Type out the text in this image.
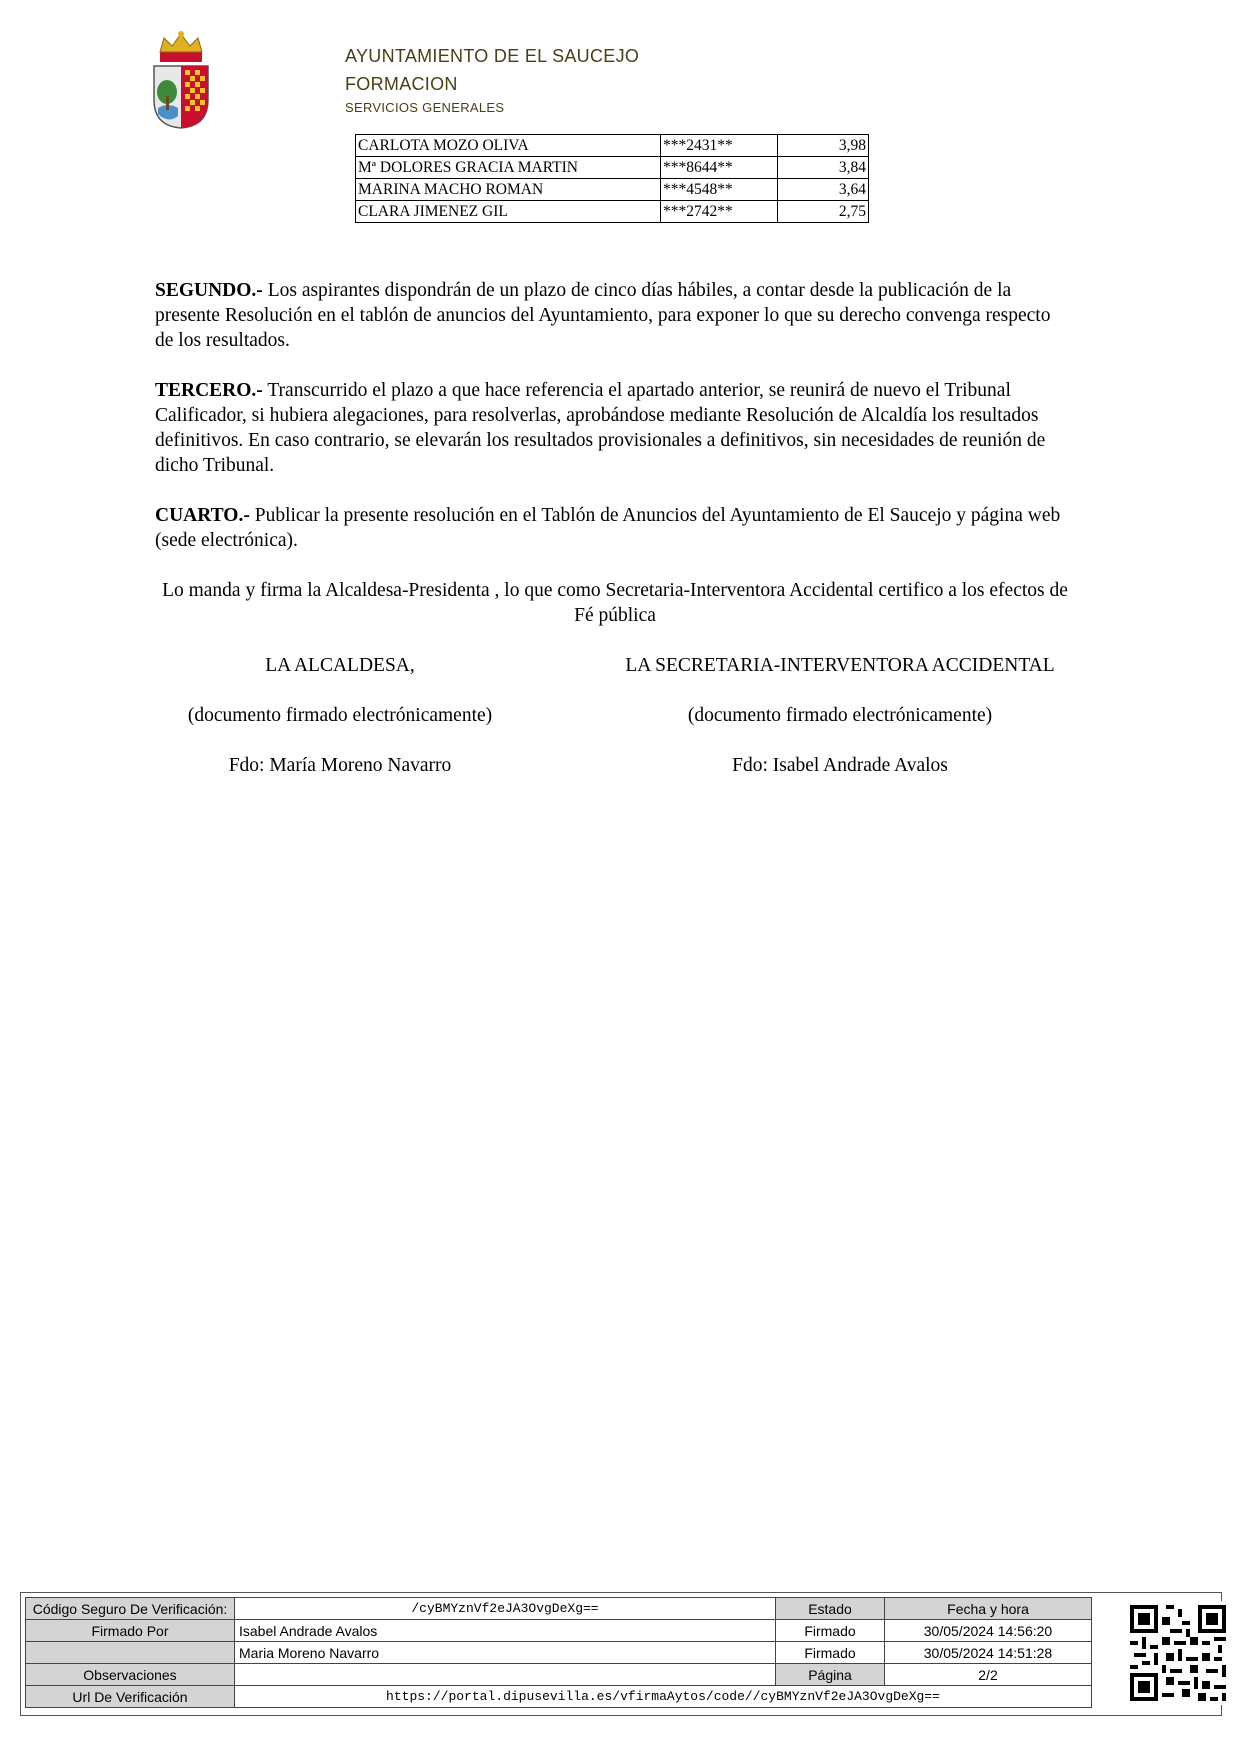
AYUNTAMIENTO DE EL SAUCEJO
FORMACION
SERVICIOS GENERALES
CARLOTA MOZO OLIVA	***2431**	3,98
Mª DOLORES GRACIA MARTIN	***8644**	3,84
MARINA MACHO ROMAN	***4548**	3,64
CLARA JIMENEZ GIL	***2742**	2,75
SEGUNDO.- Los aspirantes dispondrán de un plazo de cinco días hábiles, a contar desde la publicación de la presente Resolución en el tablón de anuncios del Ayuntamiento, para exponer lo que su derecho convenga respecto de los resultados.
TERCERO.- Transcurrido el plazo a que hace referencia el apartado anterior, se reunirá de nuevo el Tribunal Calificador, si hubiera alegaciones, para resolverlas, aprobándose mediante Resolución de Alcaldía los resultados definitivos. En caso contrario, se elevarán los resultados provisionales a definitivos, sin necesidades de reunión de dicho Tribunal.
CUARTO.- Publicar la presente resolución en el Tablón de Anuncios del Ayuntamiento de El Saucejo y página web (sede electrónica).
Lo manda y firma la Alcaldesa-Presidenta , lo que como Secretaria-Interventora Accidental certifico a los efectos de Fé pública
LA ALCALDESA,
(documento firmado electrónicamente)
Fdo: María Moreno Navarro
LA SECRETARIA-INTERVENTORA ACCIDENTAL
(documento firmado electrónicamente)
Fdo: Isabel Andrade Avalos
Código Seguro De Verificación:	/cyBMYznVf2eJA3OvgDeXg==	Estado	Fecha y hora
Firmado Por	Isabel Andrade Avalos	Firmado	30/05/2024 14:56:20
	Maria Moreno Navarro	Firmado	30/05/2024 14:51:28
Observaciones		Página	2/2
Url De Verificación	https://portal.dipusevilla.es/vfirmaAytos/code//cyBMYznVf2eJA3OvgDeXg==		
